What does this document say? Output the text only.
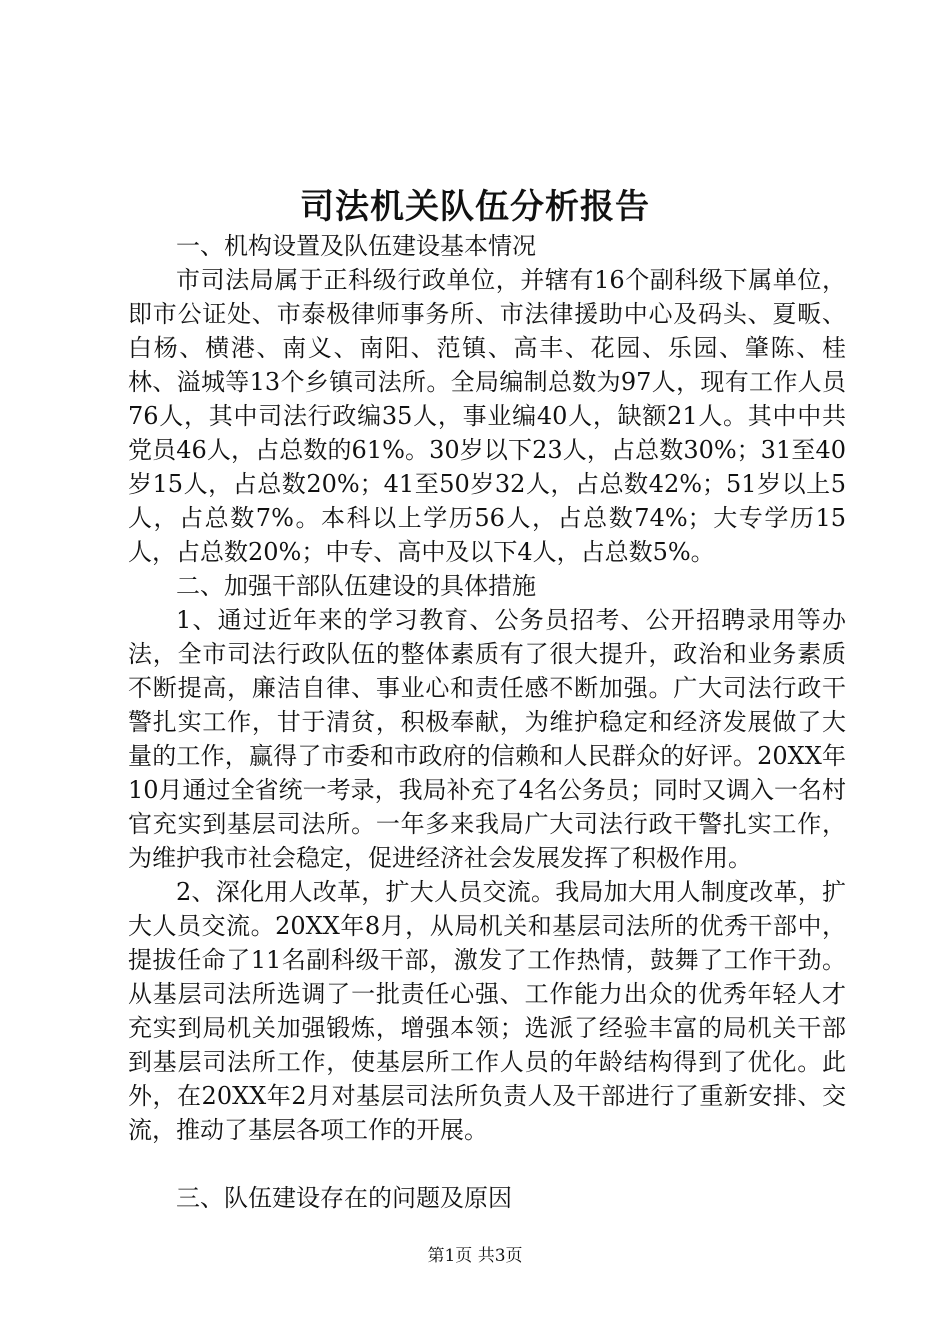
司法机关队伍分析报告

一、机构设置及队伍建设基本情况

市司法局属于正科级行政单位，并辖有16个副科级下属单位，即市公证处、市泰极律师事务所、市法律援助中心及码头、夏畈、白杨、横港、南义、南阳、范镇、高丰、花园、乐园、肇陈、桂林、溢城等13个乡镇司法所。全局编制总数为97人，现有工作人员76人，其中司法行政编35人，事业编40人，缺额21人。其中中共党员46人，占总数的61%。30岁以下23人，占总数30%；31至40岁15人，占总数20%；41至50岁32人，占总数42%；51岁以上5人，占总数7%。本科以上学历56人，占总数74%；大专学历15人，占总数20%；中专、高中及以下4人，占总数5%。

二、加强干部队伍建设的具体措施

1、通过近年来的学习教育、公务员招考、公开招聘录用等办法，全市司法行政队伍的整体素质有了很大提升，政治和业务素质不断提高，廉洁自律、事业心和责任感不断加强。广大司法行政干警扎实工作，甘于清贫，积极奉献，为维护稳定和经济发展做了大量的工作，赢得了市委和市政府的信赖和人民群众的好评。20XX年10月通过全省统一考录，我局补充了4名公务员；同时又调入一名村官充实到基层司法所。一年多来我局广大司法行政干警扎实工作，为维护我市社会稳定，促进经济社会发展发挥了积极作用。

2、深化用人改革，扩大人员交流。我局加大用人制度改革，扩大人员交流。20XX年8月，从局机关和基层司法所的优秀干部中，提拔任命了11名副科级干部，激发了工作热情，鼓舞了工作干劲。从基层司法所选调了一批责任心强、工作能力出众的优秀年轻人才充实到局机关加强锻炼，增强本领；选派了经验丰富的局机关干部到基层司法所工作，使基层所工作人员的年龄结构得到了优化。此外，在20XX年2月对基层司法所负责人及干部进行了重新安排、交流，推动了基层各项工作的开展。

三、队伍建设存在的问题及原因

第1页 共3页
